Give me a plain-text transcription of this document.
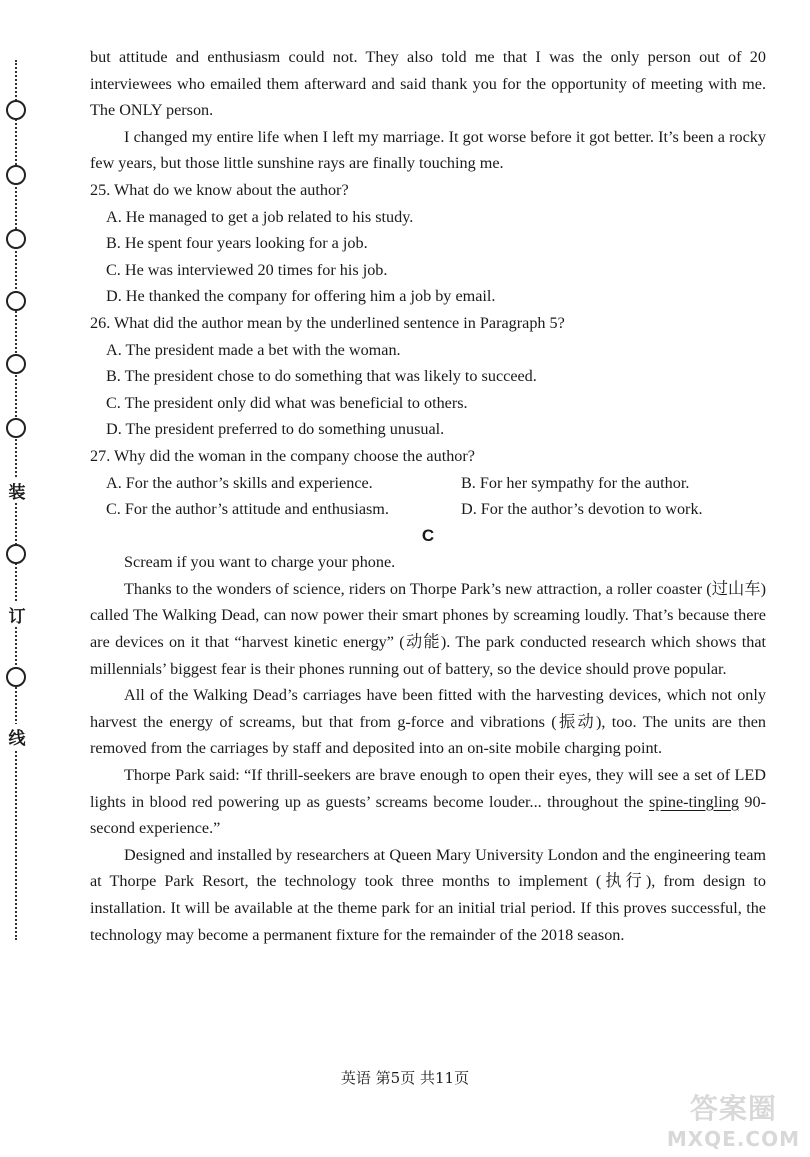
装
订
线
but attitude and enthusiasm could not. They also told me that I was the only person out of 20 interviewees who emailed them afterward and said thank you for the opportunity of meeting with me. The ONLY person.
I changed my entire life when I left my marriage. It got worse before it got better. It’s been a rocky few years, but those little sunshine rays are finally touching me.
25. What do we know about the author?
A. He managed to get a job related to his study.
B. He spent four years looking for a job.
C. He was interviewed 20 times for his job.
D. He thanked the company for offering him a job by email.
26. What did the author mean by the underlined sentence in Paragraph 5?
A. The president made a bet with the woman.
B. The president chose to do something that was likely to succeed.
C. The president only did what was beneficial to others.
D. The president preferred to do something unusual.
27. Why did the woman in the company choose the author?
A. For the author’s skills and experience.	B. For her sympathy for the author.
C. For the author’s attitude and enthusiasm.	D. For the author’s devotion to work.
C
Scream if you want to charge your phone.
Thanks to the wonders of science, riders on Thorpe Park’s new attraction, a roller coaster (过山车) called The Walking Dead, can now power their smart phones by screaming loudly. That’s because there are devices on it that “harvest kinetic energy” (动能). The park conducted research which shows that millennials’ biggest fear is their phones running out of battery, so the device should prove popular.
All of the Walking Dead’s carriages have been fitted with the harvesting devices, which not only harvest the energy of screams, but that from g-force and vibrations (振动), too. The units are then removed from the carriages by staff and deposited into an on-site mobile charging point.
Thorpe Park said: “If thrill-seekers are brave enough to open their eyes, they will see a set of LED lights in blood red powering up as guests’ screams become louder... throughout the spine-tingling 90-second experience.”
Designed and installed by researchers at Queen Mary University London and the engineering team at Thorpe Park Resort, the technology took three months to implement (执行), from design to installation. It will be available at the theme park for an initial trial period. If this proves successful, the technology may become a permanent fixture for the remainder of the 2018 season.
英语 第5页 共11页
答案圈
MXQE.COM
